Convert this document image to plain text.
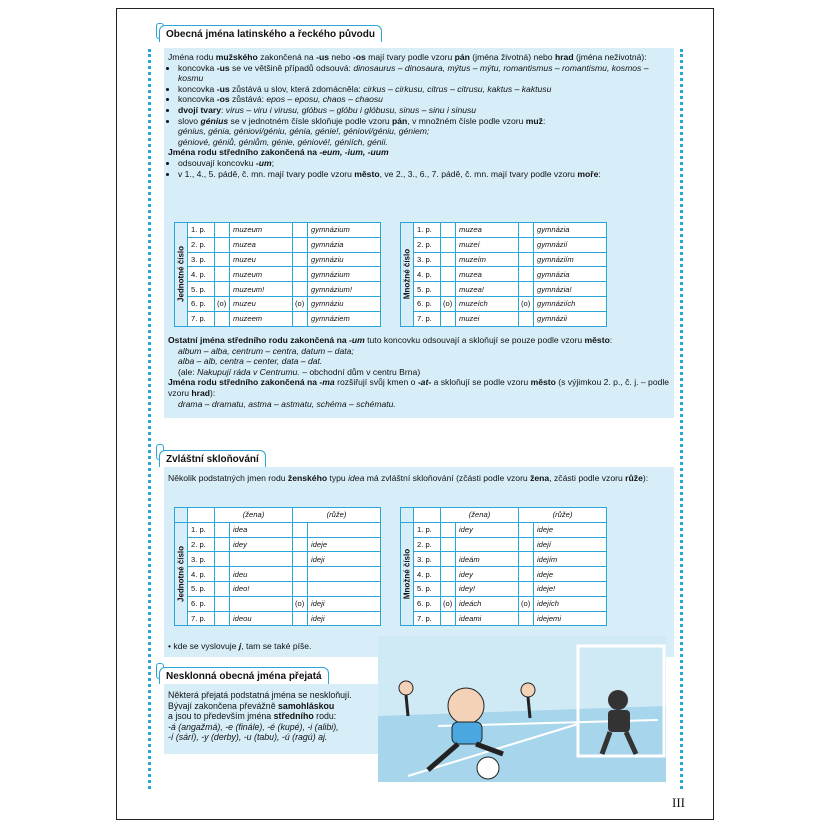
Obecná jména latinského a řeckého původu

Jména rodu mužského zakončená na -us nebo -os mají tvary podle vzoru pán (jména životná) nebo hrad (jména neživotná):

• koncovka -us se ve většině případů odsouvá: dinosaurus – dinosaura, mýtus – mýtu, romantismus – romantismu, kosmos – kosmu
• koncovka -us zůstává u slov, která zdomácněla: cirkus – cirkusu, citrus – citrusu, kaktus – kaktusu
• koncovka -os zůstává: epos – eposu, chaos – chaosu
• dvojí tvary: virus – viru i virusu, glóbus – glóbu i glóbusu, sinus – sinu i sinusu
• slovo génius se v jednotném čísle skloňuje podle vzoru pán, v množném čísle podle vzoru muž:
génius, génia, géniovi/géniu, génia, génie!, géniovi/géniu, géniem;
géniové, géniů, géniům, génie, géniové!, géniích, génii.

Jména rodu středního zakončená na -eum, -ium, -uum

• odsouvají koncovku -um;
• v 1., 4., 5. pádě, č. mn. mají tvary podle vzoru město, ve 2., 3., 6., 7. pádě, č. mn. mají tvary podle vzoru moře:
Jednotné číslo	1. p.		muzeum		gymnázium
	2. p.		muzea		gymnázia
	3. p.		muzeu		gymnáziu
	4. p.		muzeum		gymnázium
	5. p.		muzeum!		gymnázium!
	6. p.	(o)	muzeu	(o)	gymnáziu
	7. p.		muzeem		gymnáziem
Množné číslo	1. p.		muzea		gymnázia
	2. p.		muzeí		gymnázií
	3. p.		muzeím		gymnáziím
	4. p.		muzea		gymnázia
	5. p.		muzea!		gymnázia!
	6. p.	(o)	muzeích	(o)	gymnáziích
	7. p.		muzei		gymnázii

Ostatní jména středního rodu zakončená na -um tuto koncovku odsouvají a skloňují se pouze podle vzoru město:

album – alba, centrum – centra, datum – data;

alba – alb, centra – center, data – dat.

(ale: Nakupují ráda v Centrumu. – obchodní dům v centru Brna)

Jména rodu středního zakončená na -ma rozšiřují svůj kmen o -at- a skloňují se podle vzoru město (s výjimkou 2. p., č. j. – podle vzoru hrad):

drama – dramatu, astma – astmatu, schéma – schématu.

Zvláštní skloňování

Několik podstatných jmen rodu ženského typu idea má zvláštní skloňování (zčásti podle vzoru žena, zčásti podle vzoru růže):

		(žena)		(růže)	

Jednotné číslo	1. p.		idea		
	2. p.		idey		ideje
	3. p.				ideji
	4. p.		ideu		
	5. p.		ideo!		
	6. p.			(o)	ideji
	7. p.		ideou		ideji
		(žena)		(růže)	

Množné číslo	1. p.		idey		ideje
	2. p.				idejí
	3. p.		ideám		idejím
	4. p.		idey		ideje
	5. p.		idey!		ideje!
	6. p.	(o)	ideách	(o)	idejích
	7. p.		ideami		idejemi
• kde se vyslovuje j, tam se také píše.
Nesklonná obecná jména přejatá

Některá přejatá podstatná jména se neskloňují.

Bývají zakončena převážně samohláskou

a jsou to především jména středního rodu:

-á (angažmá), -e (finále), -é (kupé), -i (alibi),

-í (sárí), -y (derby), -u (tabu), -ú (ragú) aj.

III
